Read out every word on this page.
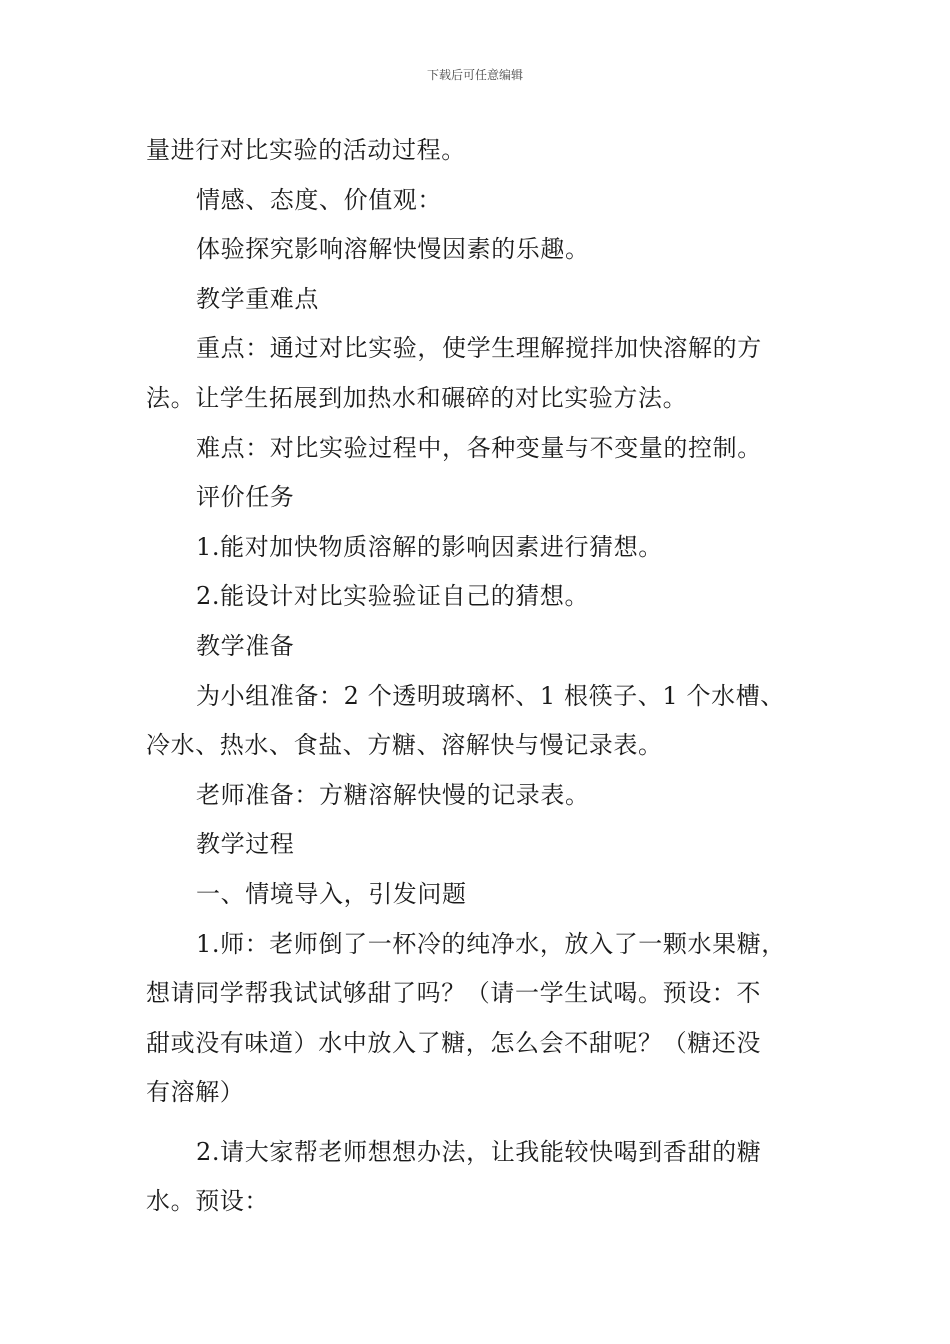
下载后可任意编辑
量进行对比实验的活动过程。
情感、态度、价值观：
体验探究影响溶解快慢因素的乐趣。
教学重难点
重点：通过对比实验，使学生理解搅拌加快溶解的方
法。让学生拓展到加热水和碾碎的对比实验方法。
难点：对比实验过程中，各种变量与不变量的控制。
评价任务
1.能对加快物质溶解的影响因素进行猜想。
2.能设计对比实验验证自己的猜想。
教学准备
为小组准备：2 个透明玻璃杯、1 根筷子、1 个水槽、
冷水、热水、食盐、方糖、溶解快与慢记录表。
老师准备：方糖溶解快慢的记录表。
教学过程
一、情境导入，引发问题
1.师：老师倒了一杯冷的纯净水，放入了一颗水果糖，
想请同学帮我试试够甜了吗？（请一学生试喝。预设：不
甜或没有味道）水中放入了糖，怎么会不甜呢？（糖还没
有溶解）
2.请大家帮老师想想办法，让我能较快喝到香甜的糖
水。预设：
